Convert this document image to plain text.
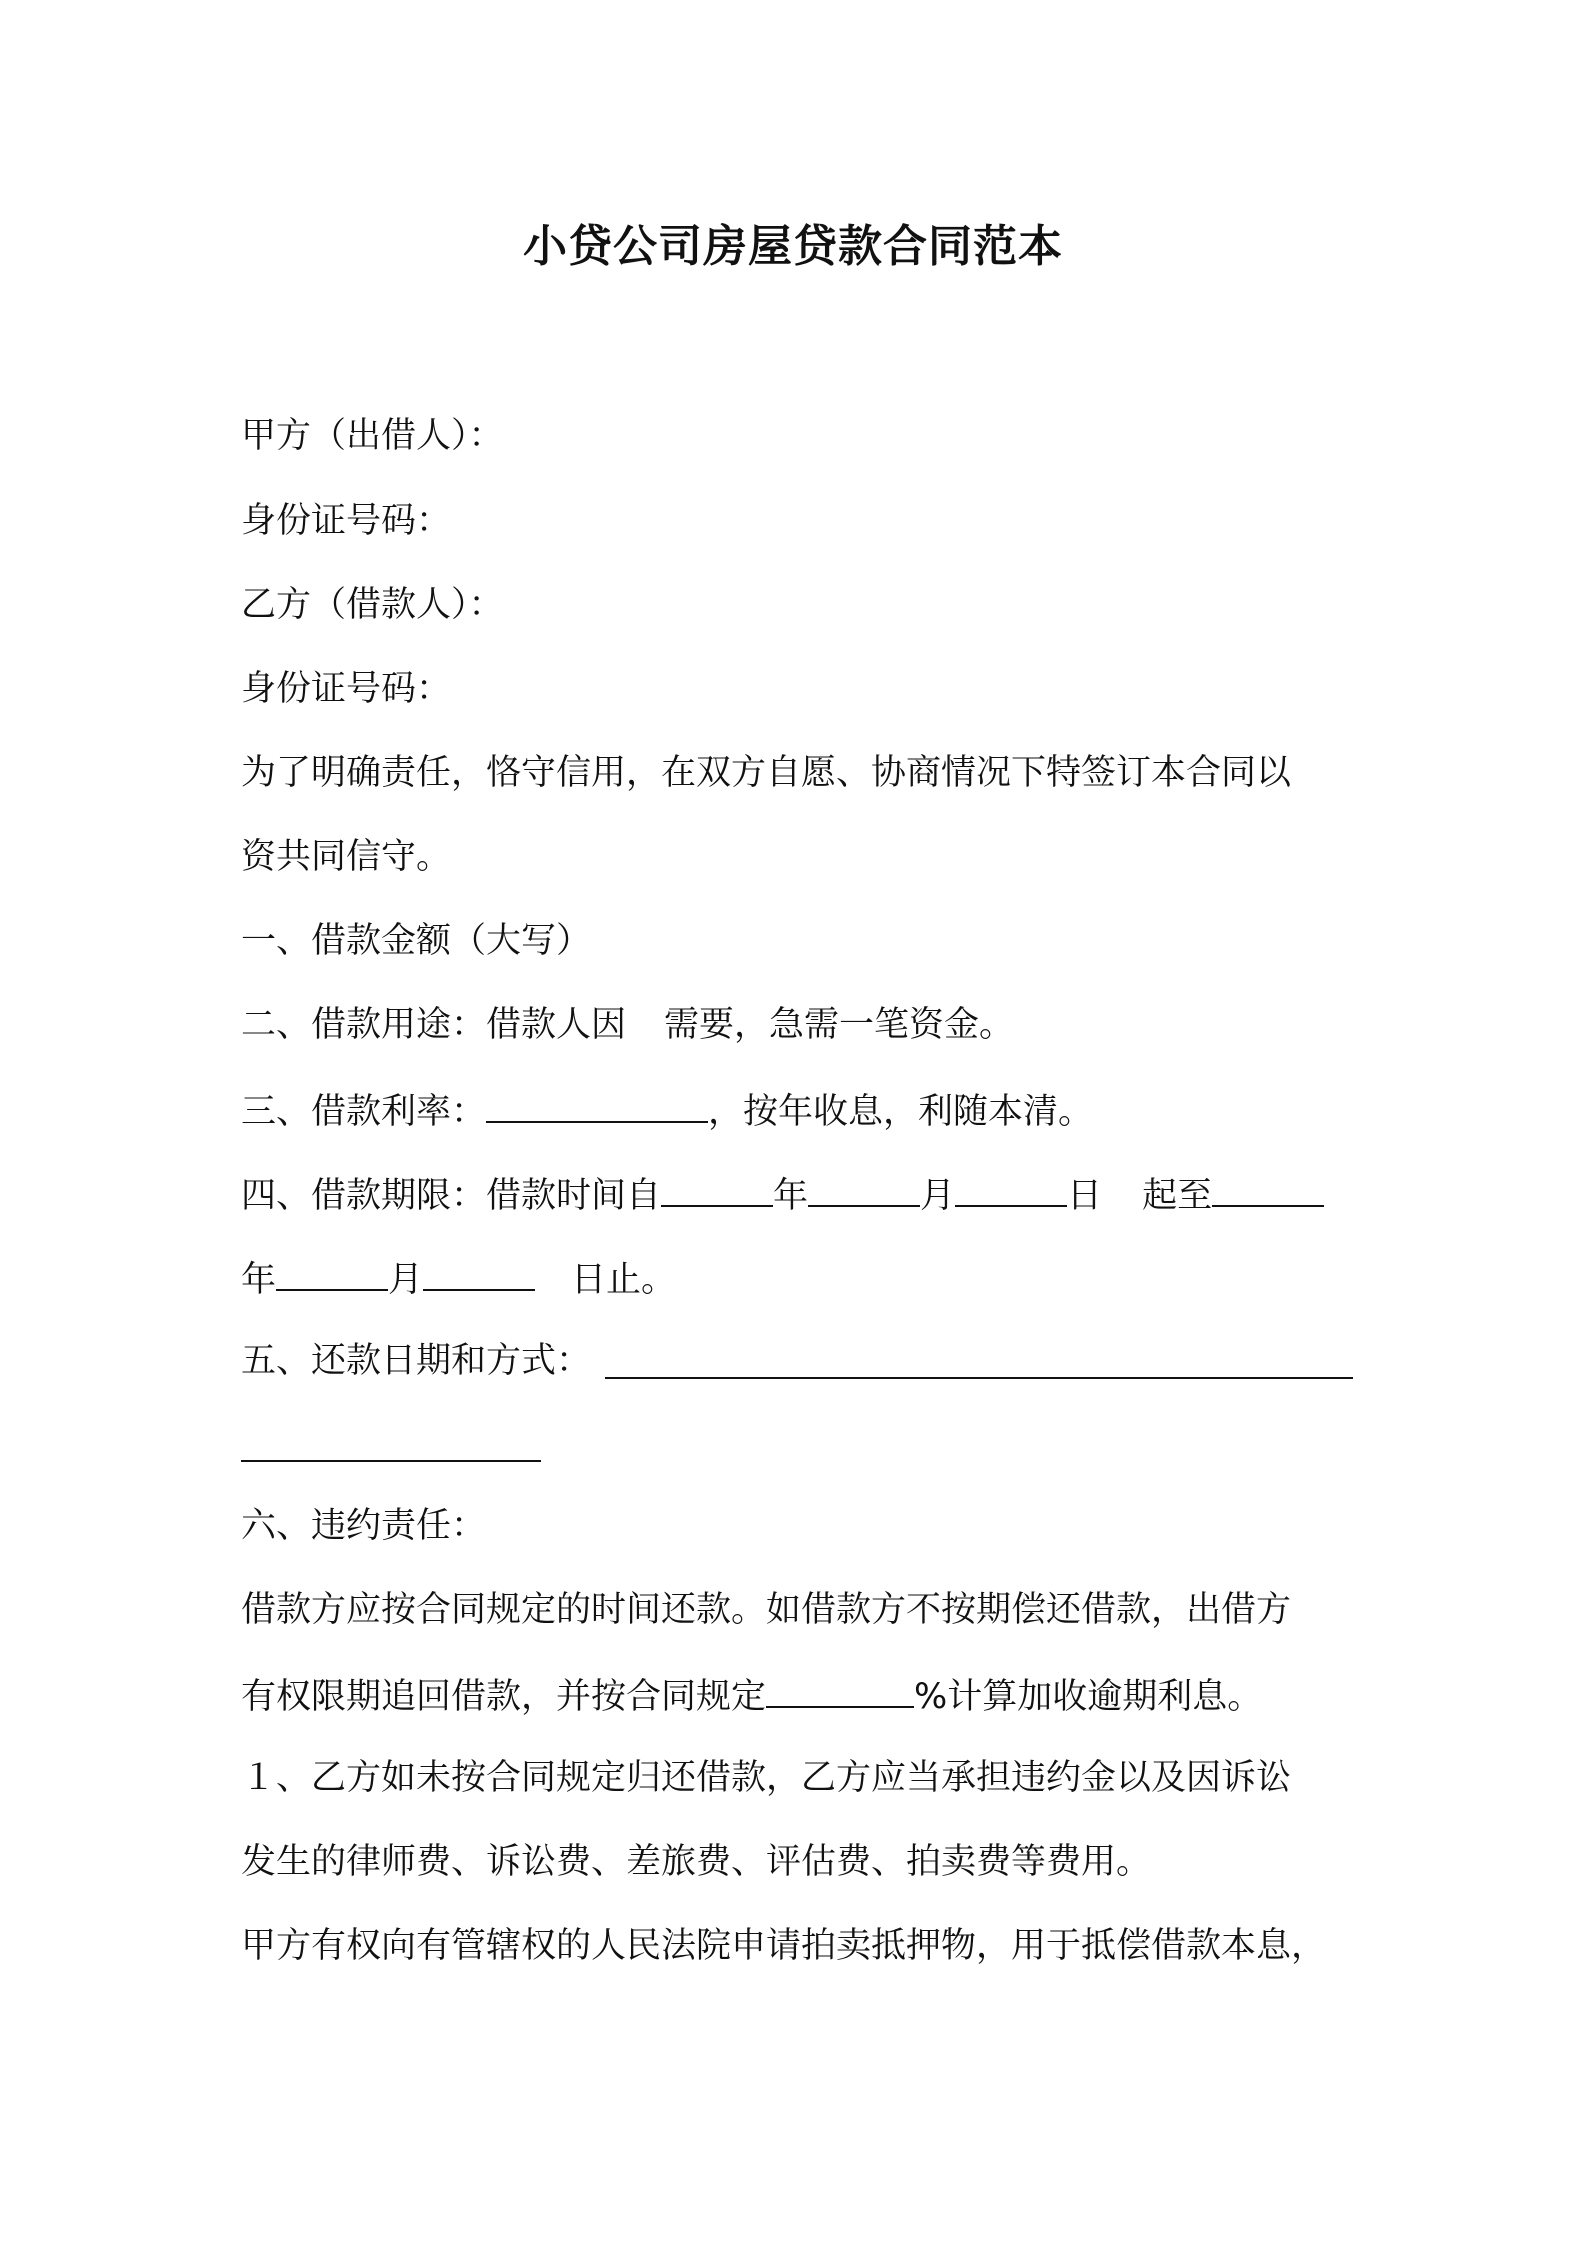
小贷公司房屋贷款合同范本
甲方（出借人）：
身份证号码：
乙方（借款人）：
身份证号码：
为了明确责任，恪守信用，在双方自愿、协商情况下特签订本合同以
资共同信守。
一、借款金额（大写）
二、借款用途：借款人因 需要，急需一笔资金。
三、借款利率：	，按年收息，利随本清。
四、借款期限：借款时间自	年	月	日 起至
年	月	日止。
五、还款日期和方式：
六、违约责任：
借款方应按合同规定的时间还款。如借款方不按期偿还借款，出借方
有权限期追回借款，并按合同规定	%计算加收逾期利息。
１、乙方如未按合同规定归还借款，乙方应当承担违约金以及因诉讼
发生的律师费、诉讼费、差旅费、评估费、拍卖费等费用。
甲方有权向有管辖权的人民法院申请拍卖抵押物，用于抵偿借款本息，
